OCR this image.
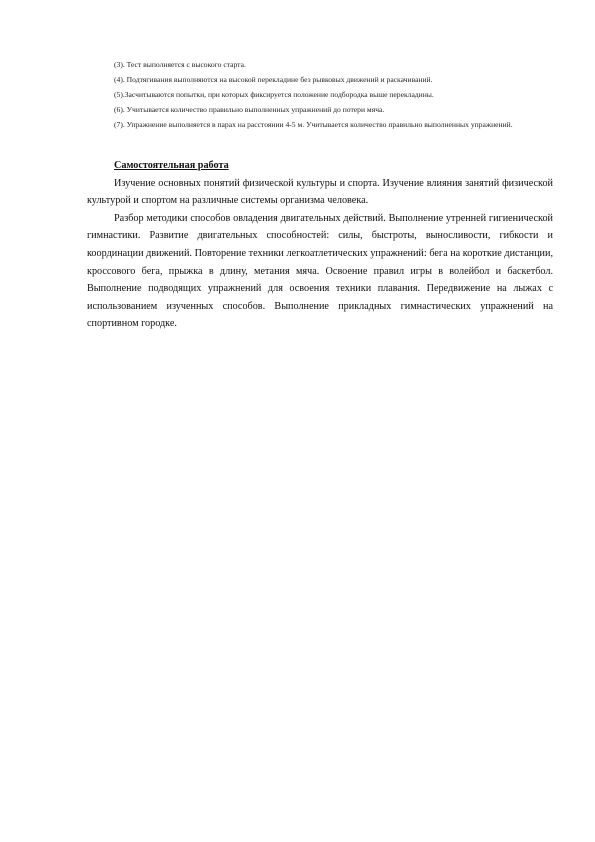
(3). Тест выполняется с высокого старта.

(4). Подтягивания выполняются на высокой перекладине без рывковых движений и раскачиваний.

(5).Засчитываются попытки, при которых фиксируется положение подбородка выше перекладины.

(6). Учитывается количество правильно выполненных упражнений до потери мяча.

(7). Упражнение выполняется в парах на расстоянии 4-5 м. Учитывается количество правильно выполненных упражнений.

Самостоятельная работа

Изучение основных понятий физической культуры и спорта. Изучение влияния занятий физической культурой и спортом на различные системы организма человека.

Разбор методики способов овладения двигательных действий. Выполнение утренней гигиенической гимнастики. Развитие двигательных способностей: силы, быстроты, выносливости, гибкости и координации движений. Повторение техники легкоатлетических упражнений: бега на короткие дистанции, кроссового бега, прыжка в длину, метания мяча. Освоение правил игры в волейбол и баскетбол. Выполнение подводящих упражнений для освоения техники плавания. Передвижение на лыжах с использованием изученных способов. Выполнение прикладных гимнастических упражнений на спортивном городке.
